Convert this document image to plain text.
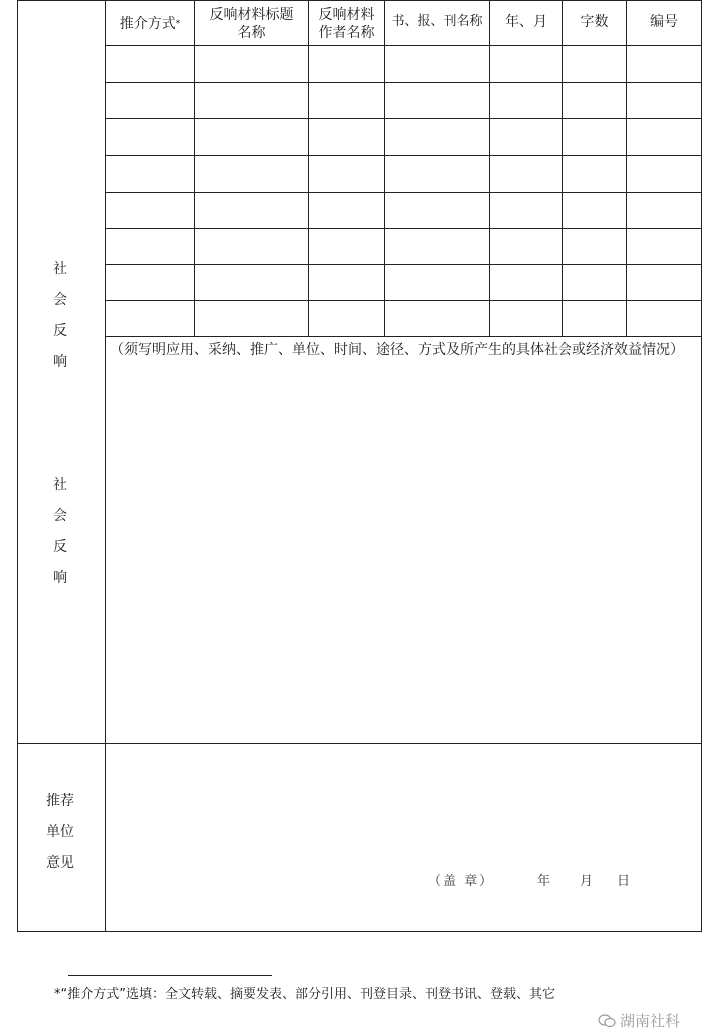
推介方式 *
反响材料标题
名称
反响材料
作者名称
书、报、刊名称 年、月 字数	编号
社
会
反
响
社
会
反
响
（须写明应用、采纳、推广、单位、时间、途径、方式及所产生的具体社会或经济效益情况）
推荐
单位
意见
（盖 章）	年 月 日
*“推介方式”选填：全文转载、摘要发表、部分引用、刊登目录、刊登书讯、登载、其它
湖南社科
